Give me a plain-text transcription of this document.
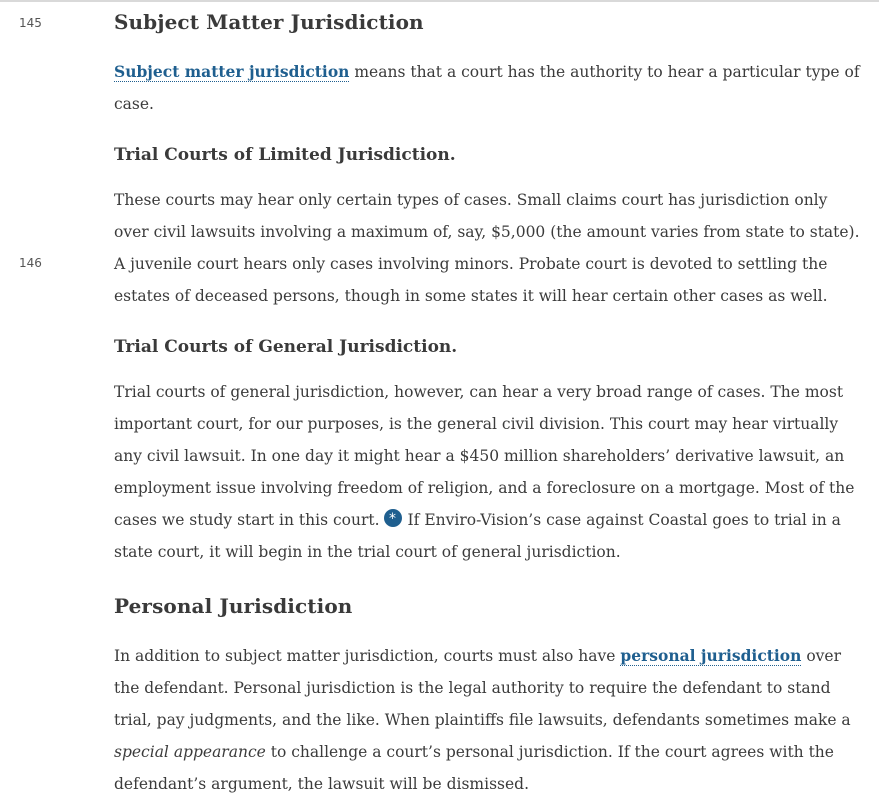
145
146
Subject Matter Jurisdiction

Subject matter jurisdiction means that a court has the authority to hear a particular type of
case.

Trial Courts of Limited Jurisdiction.

These courts may hear only certain types of cases. Small claims court has jurisdiction only
over civil lawsuits involving a maximum of, say, $5,000 (the amount varies from state to state).
A juvenile court hears only cases involving minors. Probate court is devoted to settling the
estates of deceased persons, though in some states it will hear certain other cases as well.

Trial Courts of General Jurisdiction.

Trial courts of general jurisdiction, however, can hear a very broad range of cases. The most
important court, for our purposes, is the general civil division. This court may hear virtually
any civil lawsuit. In one day it might hear a $450 million shareholders’ derivative lawsuit, an
employment issue involving freedom of religion, and a foreclosure on a mortgage. Most of the
cases we study start in this court. * If Enviro-Vision’s case against Coastal goes to trial in a
state court, it will begin in the trial court of general jurisdiction.

Personal Jurisdiction

In addition to subject matter jurisdiction, courts must also have personal jurisdiction over
the defendant. Personal jurisdiction is the legal authority to require the defendant to stand
trial, pay judgments, and the like. When plaintiffs file lawsuits, defendants sometimes make a
special appearance to challenge a court’s personal jurisdiction. If the court agrees with the
defendant’s argument, the lawsuit will be dismissed.
